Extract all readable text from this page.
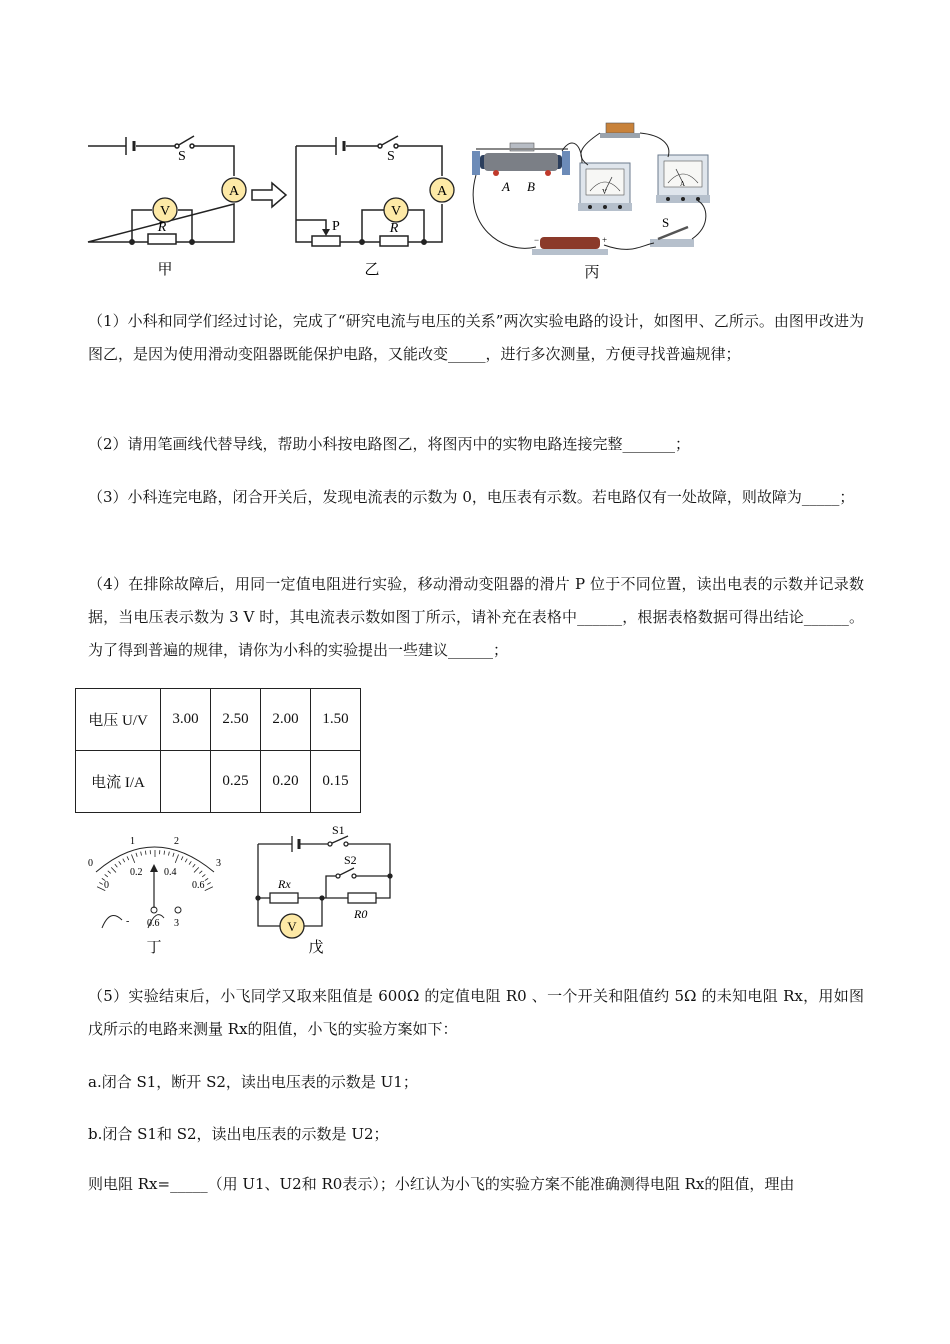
S
A
V
R
甲
S
A
V
R
P
乙
A B	V
A
−	+
S
丙
（1）小科和同学们经过讨论，完成了“研究电流与电压的关系”两次实验电路的设计，如图甲、乙所示。由图甲改进为图乙，是因为使用滑动变阻器既能保护电路，又能改变_____，进行多次测量，方便寻找普遍规律；
（2）请用笔画线代替导线，帮助小科按电路图乙，将图丙中的实物电路连接完整_______；
（3）小科连完电路，闭合开关后，发现电流表的示数为 0，电压表有示数。若电路仅有一处故障，则故障为_____；
（4）在排除故障后，用同一定值电阻进行实验，移动滑动变阻器的滑片 P 位于不同位置，读出电表的示数并记录数据，当电压表示数为 3 V 时，其电流表示数如图丁所示，请补充在表格中______，根据表格数据可得出结论______。为了得到普遍的规律，请你为小科的实验提出一些建议______；
电压 U/V	3.00	2.50	2.00	1.50
电流 I/A		0.25	0.20	0.15
0
1	2
3
0
0.2 0.4
0.6
- 0.6 3
丁
V
S1
S2
Rx
R0
戊
（5）实验结束后，小飞同学又取来阻值是 600Ω 的定值电阻 R0 、一个开关和阻值约 5Ω 的未知电阻 Rx，用如图戊所示的电路来测量 Rx的阻值，小飞的实验方案如下：
a.闭合 S1，断开 S2，读出电压表的示数是 U1；
b.闭合 S1和 S2，读出电压表的示数是 U2；
则电阻 Rx=_____（用 U1、U2和 R0表示）；小红认为小飞的实验方案不能准确测得电阻 Rx的阻值，理由
